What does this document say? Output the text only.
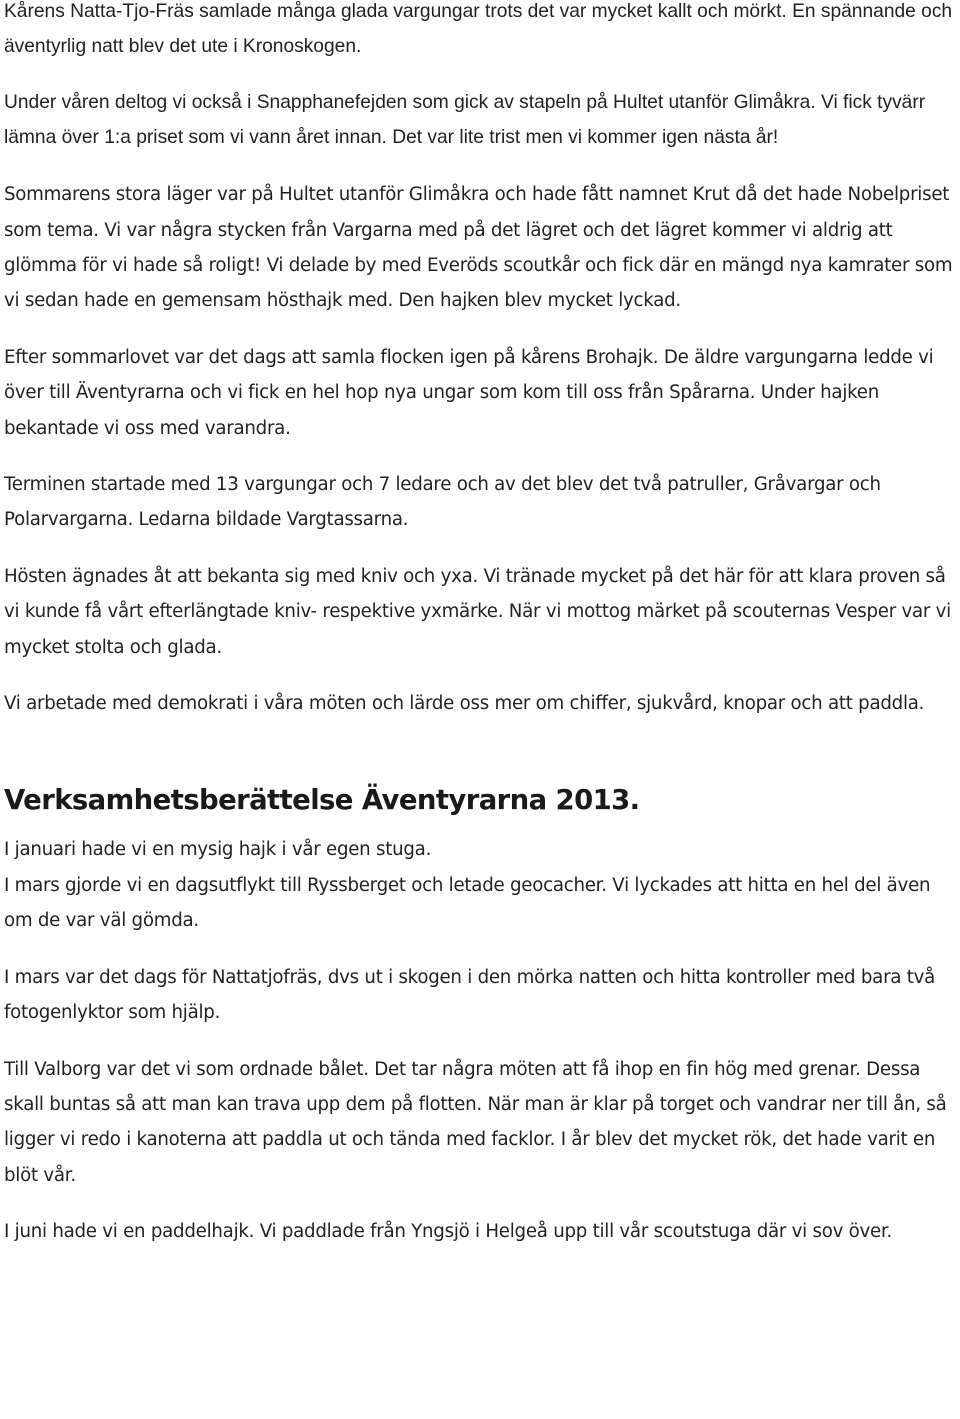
Kårens Natta-Tjo-Fräs samlade många glada vargungar trots det var mycket kallt och mörkt. En spännande och äventyrlig natt blev det ute i Kronoskogen.

Under våren deltog vi också i Snapphanefejden som gick av stapeln på Hultet utanför Glimåkra. Vi fick tyvärr lämna över 1:a priset som vi vann året innan. Det var lite trist men vi kommer igen nästa år!

Sommarens stora läger var på Hultet utanför Glimåkra och hade fått namnet Krut då det hade Nobelpriset som tema. Vi var några stycken från Vargarna med på det lägret och det lägret kommer vi aldrig att glömma för vi hade så roligt! Vi delade by med Everöds scoutkår och fick där en mängd nya kamrater som vi sedan hade en gemensam hösthajk med. Den hajken blev mycket lyckad.

Efter sommarlovet var det dags att samla flocken igen på kårens Brohajk. De äldre vargungarna ledde vi över till Äventyrarna och vi fick en hel hop nya ungar som kom till oss från Spårarna. Under hajken bekantade vi oss med varandra.

Terminen startade med 13 vargungar och 7 ledare och av det blev det två patruller, Gråvargar och Polarvargarna. Ledarna bildade Vargtassarna.

Hösten ägnades åt att bekanta sig med kniv och yxa. Vi tränade mycket på det här för att klara proven så vi kunde få vårt efterlängtade kniv- respektive yxmärke. När vi mottog märket på scouternas Vesper var vi mycket stolta och glada.

Vi arbetade med demokrati i våra möten och lärde oss mer om chiffer, sjukvård, knopar och att paddla.

Verksamhetsberättelse Äventyrarna 2013.

I januari hade vi en mysig hajk i vår egen stuga.

I mars gjorde vi en dagsutflykt till Ryssberget och letade geocacher. Vi lyckades att hitta en hel del även om de var väl gömda.

I mars var det dags för Nattatjofräs, dvs ut i skogen i den mörka natten och hitta kontroller med bara två fotogenlyktor som hjälp.

Till Valborg var det vi som ordnade bålet. Det tar några möten att få ihop en fin hög med grenar. Dessa skall buntas så att man kan trava upp dem på flotten. När man är klar på torget och vandrar ner till ån, så ligger vi redo i kanoterna att paddla ut och tända med facklor. I år blev det mycket rök, det hade varit en blöt vår.

I juni hade vi en paddelhajk. Vi paddlade från Yngsjö i Helgeå upp till vår scoutstuga där vi sov över.
